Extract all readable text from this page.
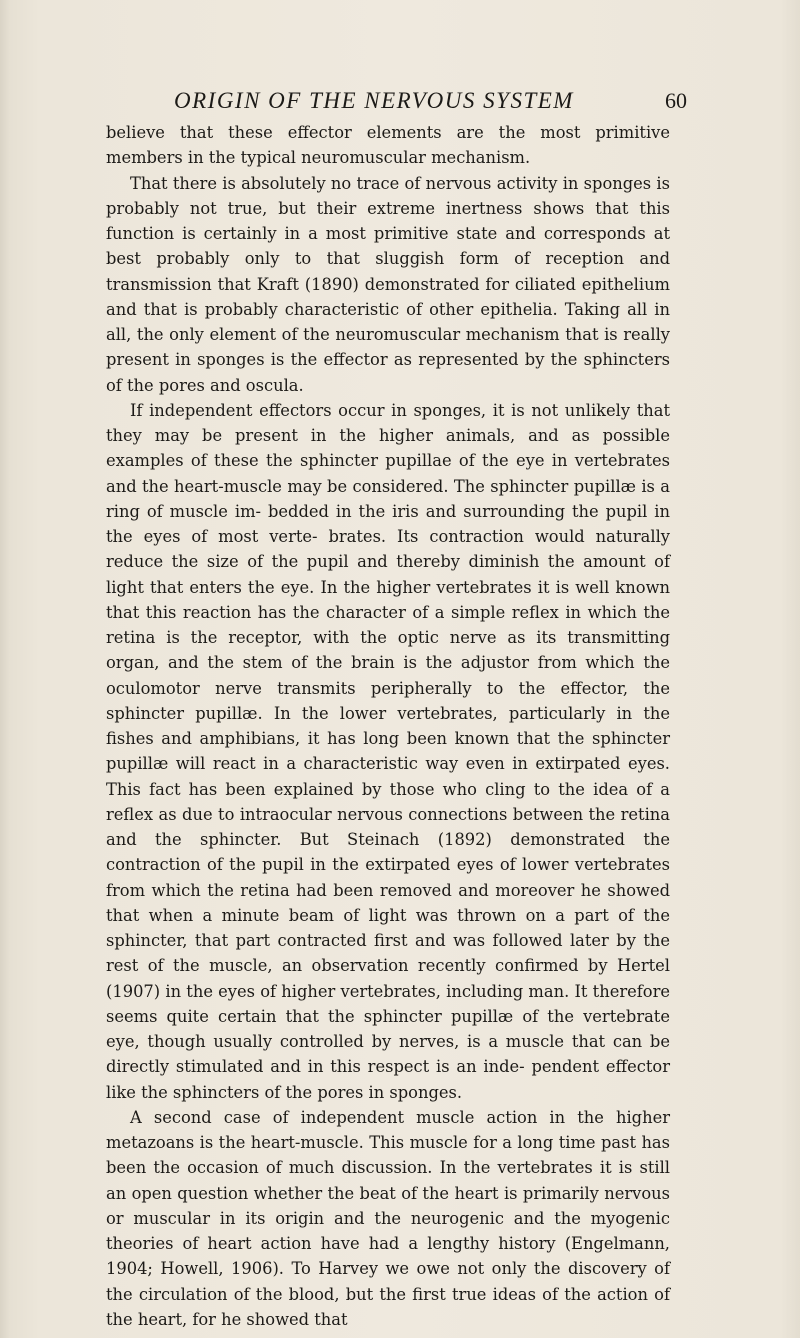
ORIGIN OF THE NERVOUS SYSTEM	60

believe that these effector elements are the most primitive members in the typical neuromuscular mechanism.

That there is absolutely no trace of nervous activity in sponges is probably not true, but their extreme inertness shows that this function is certainly in a most primitive state and corresponds at best probably only to that sluggish form of reception and transmission that Kraft (1890) demonstrated for ciliated epithelium and that is probably characteristic of other epithelia. Taking all in all, the only element of the neuromuscular mechanism that is really present in sponges is the effector as represented by the sphincters of the pores and oscula.

If independent effectors occur in sponges, it is not unlikely that they may be present in the higher animals, and as possible examples of these the sphincter pupillae of the eye in vertebrates and the heart-muscle may be considered. The sphincter pupillæ is a ring of muscle im- bedded in the iris and surrounding the pupil in the eyes of most verte- brates. Its contraction would naturally reduce the size of the pupil and thereby diminish the amount of light that enters the eye. In the higher vertebrates it is well known that this reaction has the character of a simple reflex in which the retina is the receptor, with the optic nerve as its transmitting organ, and the stem of the brain is the adjustor from which the oculomotor nerve transmits peripherally to the effector, the sphincter pupillæ. In the lower vertebrates, particularly in the fishes and amphibians, it has long been known that the sphincter pupillæ will react in a characteristic way even in extirpated eyes. This fact has been explained by those who cling to the idea of a reflex as due to intraocular nervous connections between the retina and the sphincter. But Steinach (1892) demonstrated the contraction of the pupil in the extirpated eyes of lower vertebrates from which the retina had been removed and moreover he showed that when a minute beam of light was thrown on a part of the sphincter, that part contracted first and was followed later by the rest of the muscle, an observation recently confirmed by Hertel (1907) in the eyes of higher vertebrates, including man. It therefore seems quite certain that the sphincter pupillæ of the vertebrate eye, though usually controlled by nerves, is a muscle that can be directly stimulated and in this respect is an inde- pendent effector like the sphincters of the pores in sponges.

A second case of independent muscle action in the higher metazoans is the heart-muscle. This muscle for a long time past has been the occasion of much discussion. In the vertebrates it is still an open question whether the beat of the heart is primarily nervous or muscular in its origin and the neurogenic and the myogenic theories of heart action have had a lengthy history (Engelmann, 1904; Howell, 1906). To Harvey we owe not only the discovery of the circulation of the blood, but the first true ideas of the action of the heart, for he showed that
